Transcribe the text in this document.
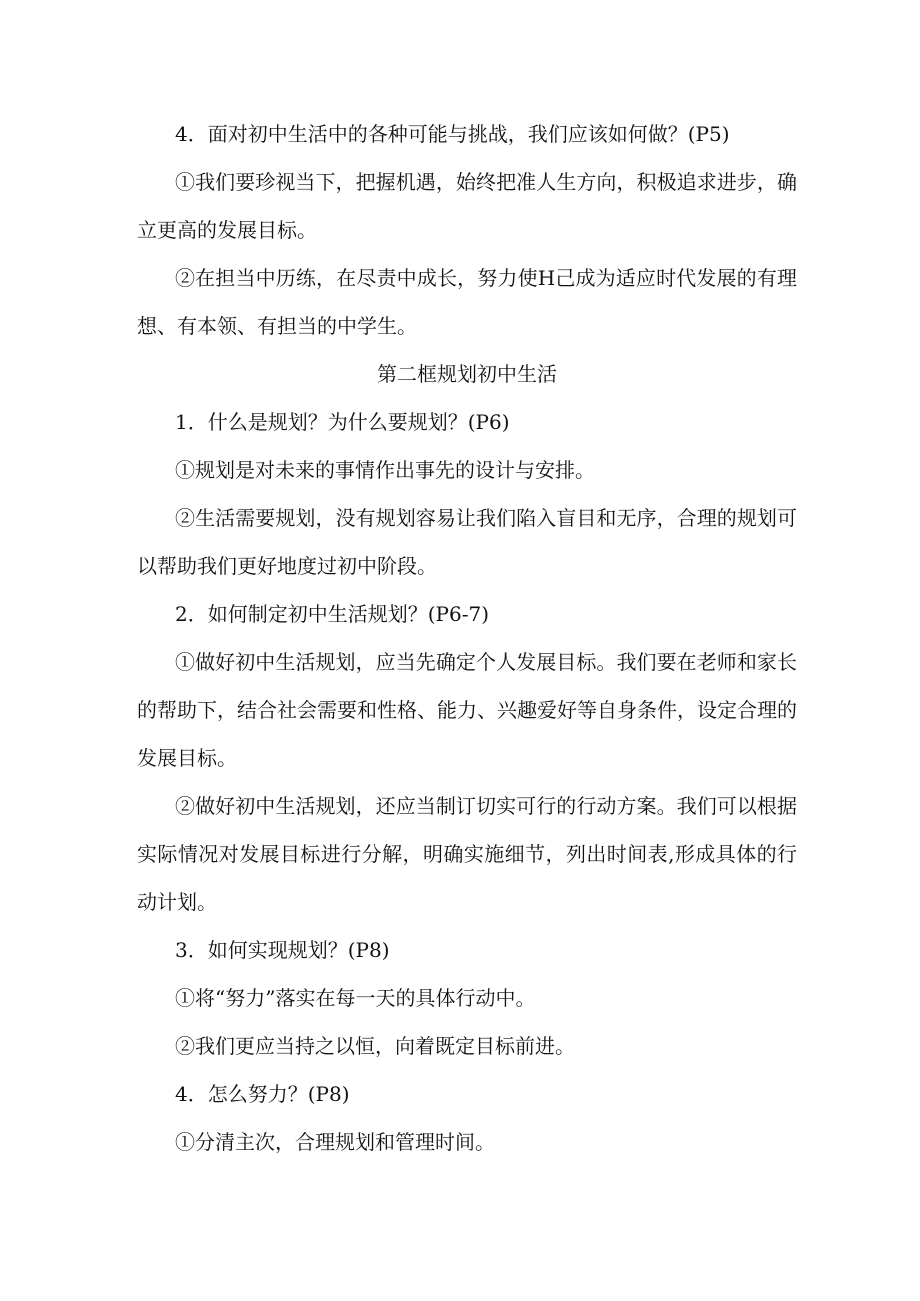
4．面对初中生活中的各种可能与挑战，我们应该如何做？(P5)

①我们要珍视当下，把握机遇，始终把准人生方向，积极追求进步，确立更高的发展目标。

②在担当中历练，在尽责中成长，努力使H己成为适应时代发展的有理想、有本领、有担当的中学生。

第二框规划初中生活

1．什么是规划？为什么要规划？(P6)

①规划是对未来的事情作出事先的设计与安排。

②生活需要规划，没有规划容易让我们陷入盲目和无序，合理的规划可以帮助我们更好地度过初中阶段。

2．如何制定初中生活规划？(P6-7)

①做好初中生活规划，应当先确定个人发展目标。我们要在老师和家长的帮助下，结合社会需要和性格、能力、兴趣爱好等自身条件，设定合理的发展目标。

②做好初中生活规划，还应当制订切实可行的行动方案。我们可以根据实际情况对发展目标进行分解，明确实施细节，列出时间表,形成具体的行动计划。

3．如何实现规划？(P8)

①将“努力”落实在每一天的具体行动中。

②我们更应当持之以恒，向着既定目标前进。

4．怎么努力？(P8)

①分清主次，合理规划和管理时间。
